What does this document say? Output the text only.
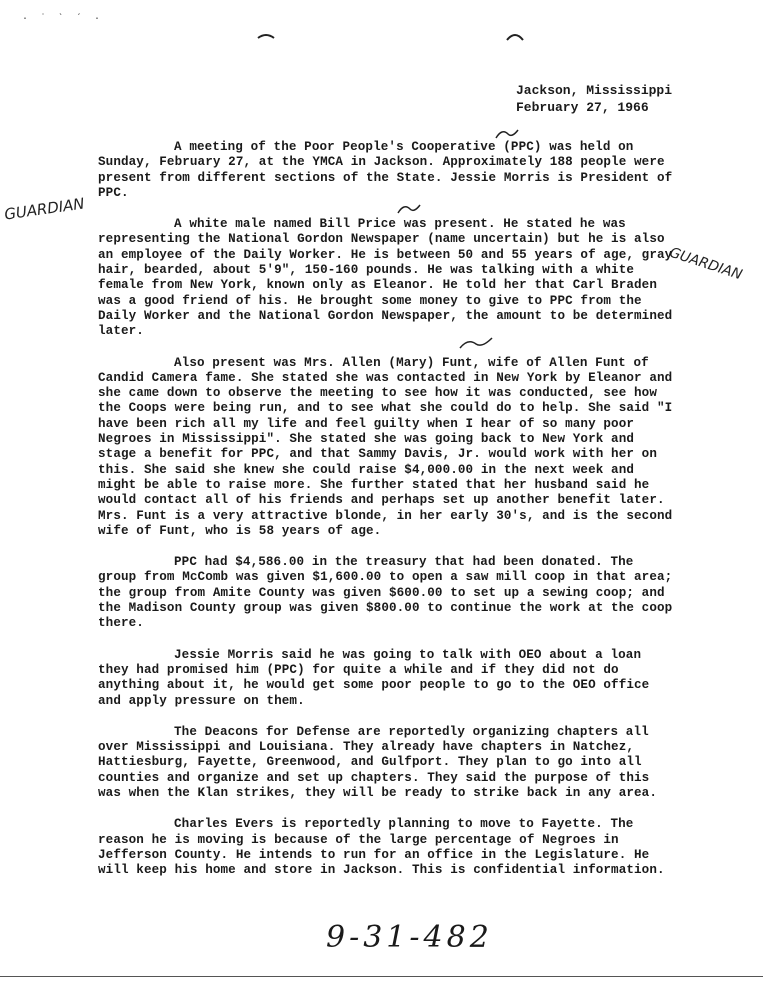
· ˙ ˋ ˊ ·
Jackson, Mississippi
February 27, 1966
GUARDIAN
GUARDIAN

A meeting of the Poor People's Cooperative (PPC) was held on Sunday, February 27, at the YMCA in Jackson. Approximately 188 people were present from different sections of the State. Jessie Morris is President of PPC.

A white male named Bill Price was present. He stated he was representing the National Gordon Newspaper (name uncertain) but he is also an employee of the Daily Worker. He is between 50 and 55 years of age, gray hair, bearded, about 5'9", 150-160 pounds. He was talking with a white female from New York, known only as Eleanor. He told her that Carl Braden was a good friend of his. He brought some money to give to PPC from the Daily Worker and the National Gordon Newspaper, the amount to be determined later.

Also present was Mrs. Allen (Mary) Funt, wife of Allen Funt of Candid Camera fame. She stated she was contacted in New York by Eleanor and she came down to observe the meeting to see how it was conducted, see how the Coops were being run, and to see what she could do to help. She said "I have been rich all my life and feel guilty when I hear of so many poor Negroes in Mississippi". She stated she was going back to New York and stage a benefit for PPC, and that Sammy Davis, Jr. would work with her on this. She said she knew she could raise $4,000.00 in the next week and might be able to raise more. She further stated that her husband said he would contact all of his friends and perhaps set up another benefit later. Mrs. Funt is a very attractive blonde, in her early 30's, and is the second wife of Funt, who is 58 years of age.

PPC had $4,586.00 in the treasury that had been donated. The group from McComb was given $1,600.00 to open a saw mill coop in that area; the group from Amite County was given $600.00 to set up a sewing coop; and the Madison County group was given $800.00 to continue the work at the coop there.

Jessie Morris said he was going to talk with OEO about a loan they had promised him (PPC) for quite a while and if they did not do anything about it, he would get some poor people to go to the OEO office and apply pressure on them.

The Deacons for Defense are reportedly organizing chapters all over Mississippi and Louisiana. They already have chapters in Natchez, Hattiesburg, Fayette, Greenwood, and Gulfport. They plan to go into all counties and organize and set up chapters. They said the purpose of this was when the Klan strikes, they will be ready to strike back in any area.

Charles Evers is reportedly planning to move to Fayette. The reason he is moving is because of the large percentage of Negroes in Jefferson County. He intends to run for an office in the Legislature. He will keep his home and store in Jackson. This is confidential information.

9-31-482
